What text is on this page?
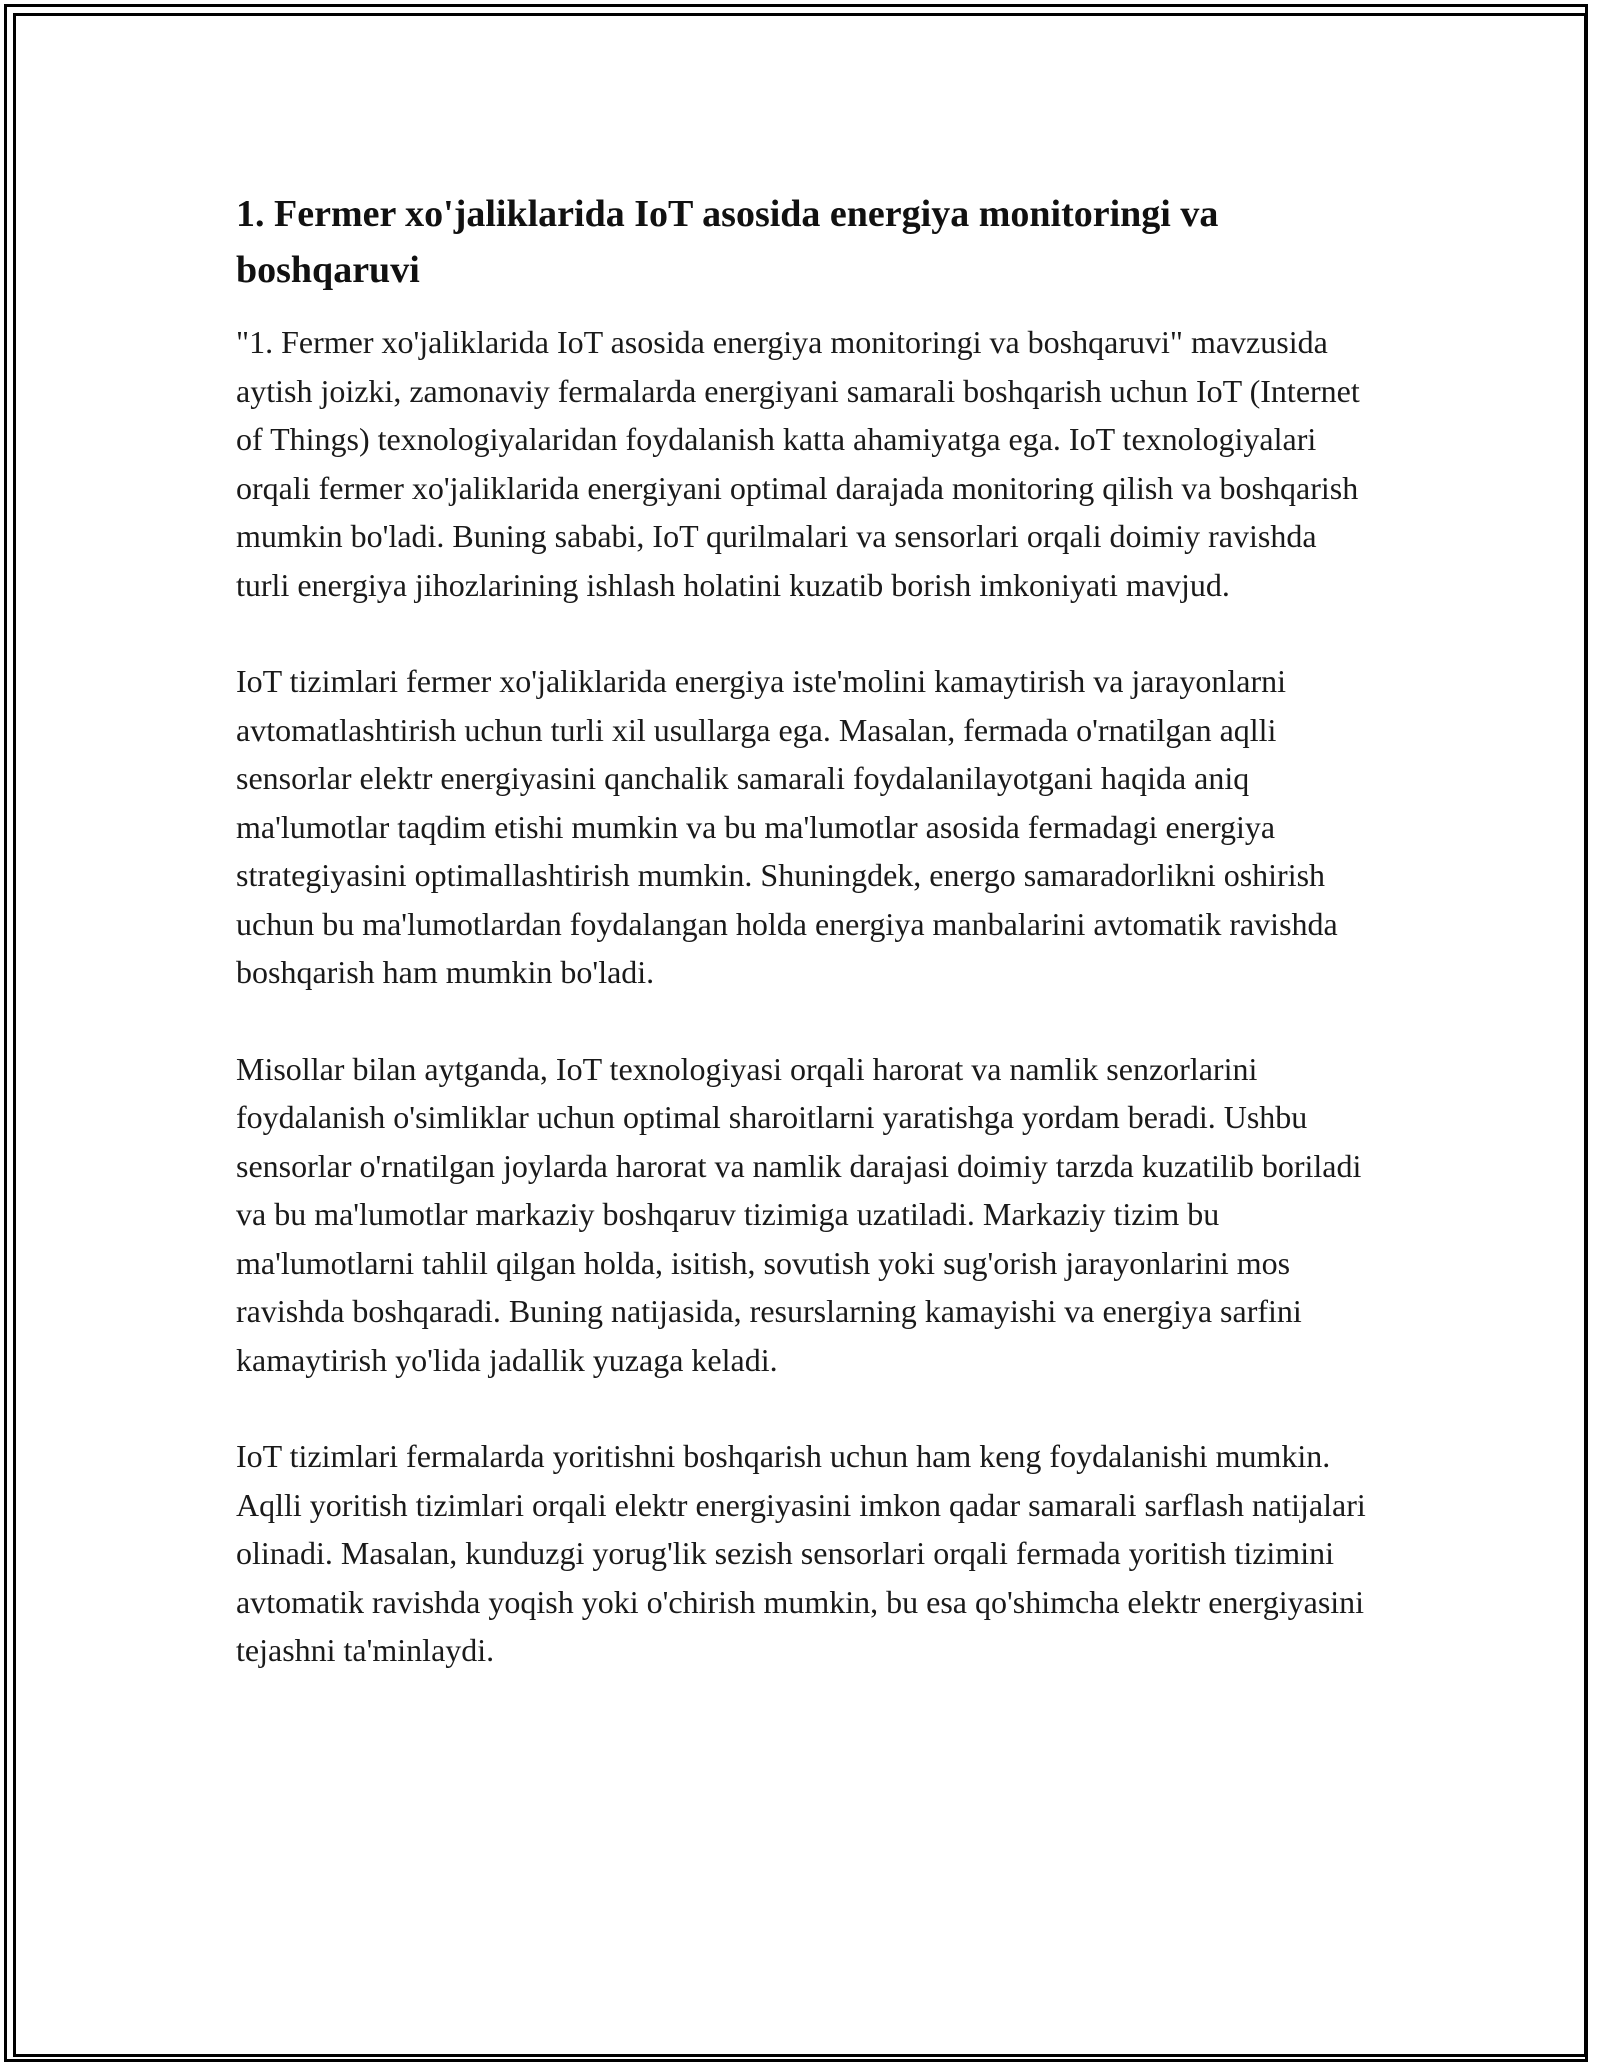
1. Fermer xo'jaliklarida IoT asosida energiya monitoringi va boshqaruvi

"1. Fermer xo'jaliklarida IoT asosida energiya monitoringi va boshqaruvi" mavzusida aytish joizki, zamonaviy fermalarda energiyani samarali boshqarish uchun IoT (Internet of Things) texnologiyalaridan foydalanish katta ahamiyatga ega. IoT texnologiyalari orqali fermer xo'jaliklarida energiyani optimal darajada monitoring qilish va boshqarish mumkin bo'ladi. Buning sababi, IoT qurilmalari va sensorlari orqali doimiy ravishda turli energiya jihozlarining ishlash holatini kuzatib borish imkoniyati mavjud.

IoT tizimlari fermer xo'jaliklarida energiya iste'molini kamaytirish va jarayonlarni avtomatlashtirish uchun turli xil usullarga ega. Masalan, fermada o'rnatilgan aqlli sensorlar elektr energiyasini qanchalik samarali foydalanilayotgani haqida aniq ma'lumotlar taqdim etishi mumkin va bu ma'lumotlar asosida fermadagi energiya strategiyasini optimallashtirish mumkin. Shuningdek, energo samaradorlikni oshirish uchun bu ma'lumotlardan foydalangan holda energiya manbalarini avtomatik ravishda boshqarish ham mumkin bo'ladi.

Misollar bilan aytganda, IoT texnologiyasi orqali harorat va namlik senzorlarini foydalanish o'simliklar uchun optimal sharoitlarni yaratishga yordam beradi. Ushbu sensorlar o'rnatilgan joylarda harorat va namlik darajasi doimiy tarzda kuzatilib boriladi va bu ma'lumotlar markaziy boshqaruv tizimiga uzatiladi. Markaziy tizim bu ma'lumotlarni tahlil qilgan holda, isitish, sovutish yoki sug'orish jarayonlarini mos ravishda boshqaradi. Buning natijasida, resurslarning kamayishi va energiya sarfini kamaytirish yo'lida jadallik yuzaga keladi.

IoT tizimlari fermalarda yoritishni boshqarish uchun ham keng foydalanishi mumkin. Aqlli yoritish tizimlari orqali elektr energiyasini imkon qadar samarali sarflash natijalari olinadi. Masalan, kunduzgi yorug'lik sezish sensorlari orqali fermada yoritish tizimini avtomatik ravishda yoqish yoki o'chirish mumkin, bu esa qo'shimcha elektr energiyasini tejashni ta'minlaydi.
